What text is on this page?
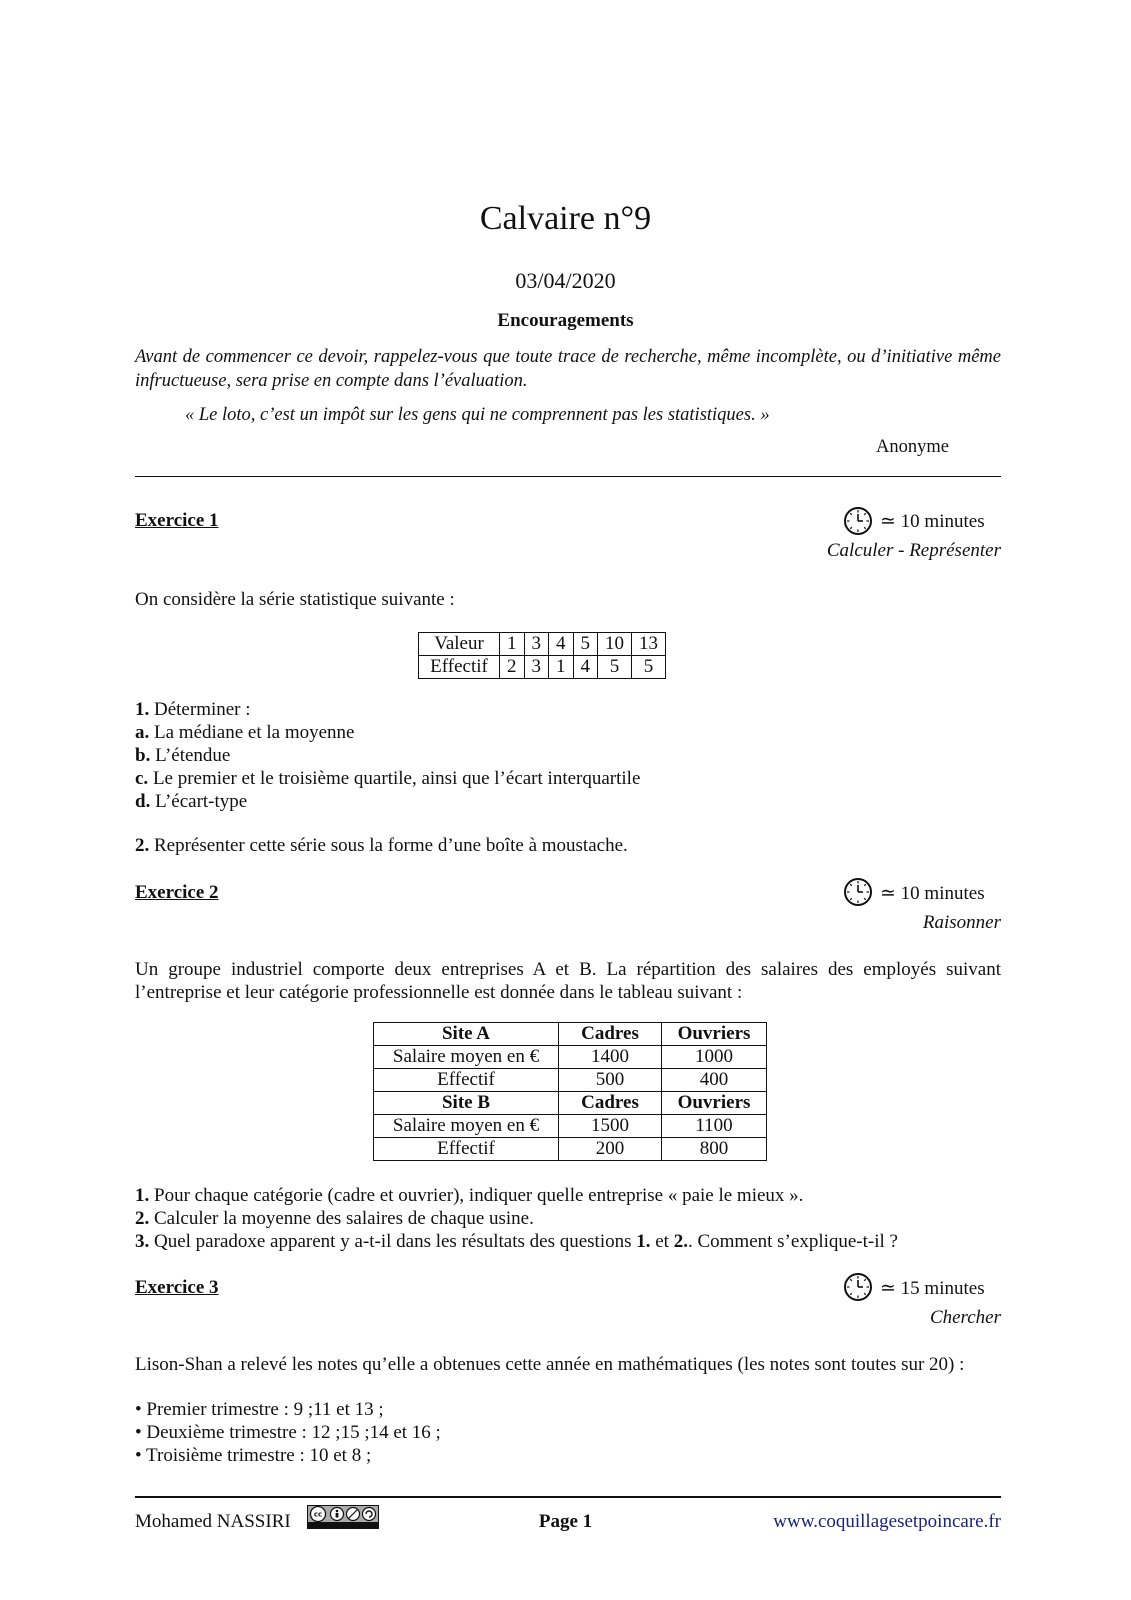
Calvaire n°9
03/04/2020
Encouragements
Avant de commencer ce devoir, rappelez-vous que toute trace de recherche, même incomplète, ou d’initiative même infructueuse, sera prise en compte dans l’évaluation.
« Le loto, c’est un impôt sur les gens qui ne comprennent pas les statistiques. »
Anonyme
Exercice 1	≃ 10 minutes
Calculer - Représenter
On considère la série statistique suivante :
Valeur	1	3	4	5	10	13
Effectif	2	3	1	4	5	5
1. Déterminer :
a. La médiane et la moyenne
b. L’étendue
c. Le premier et le troisième quartile, ainsi que l’écart interquartile
d. L’écart-type
2. Représenter cette série sous la forme d’une boîte à moustache.
Exercice 2	≃ 10 minutes
Raisonner
Un groupe industriel comporte deux entreprises A et B. La répartition des salaires des employés suivant l’entreprise et leur catégorie professionnelle est donnée dans le tableau suivant :
Site A	Cadres	Ouvriers
Salaire moyen en €	1400	1000
Effectif	500	400
Site B	Cadres	Ouvriers
Salaire moyen en €	1500	1100
Effectif	200	800
1. Pour chaque catégorie (cadre et ouvrier), indiquer quelle entreprise « paie le mieux ».
2. Calculer la moyenne des salaires de chaque usine.
3. Quel paradoxe apparent y a-t-il dans les résultats des questions 1. et 2.. Comment s’explique-t-il ?
Exercice 3	≃ 15 minutes
Chercher
Lison-Shan a relevé les notes qu’elle a obtenues cette année en mathématiques (les notes sont toutes sur 20) :
• Premier trimestre : 9 ;11 et 13 ;
• Deuxième trimestre : 12 ;15 ;14 et 16 ;
• Troisième trimestre : 10 et 8 ;
Mohamed NASSIRI	cc	Page 1	www.coquillagesetpoincare.fr
